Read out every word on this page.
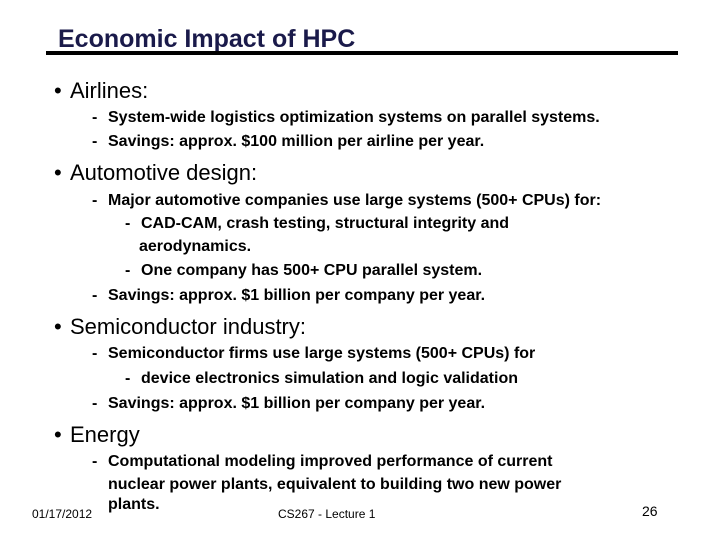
Economic Impact of HPC
• Airlines:
- System-wide logistics optimization systems on parallel systems.
- Savings: approx. $100 million per airline per year.
• Automotive design:
- Major automotive companies use large systems (500+ CPUs) for:
- CAD-CAM, crash testing, structural integrity and
aerodynamics.
- One company has 500+ CPU parallel system.
- Savings: approx. $1 billion per company per year.
• Semiconductor industry:
- Semiconductor firms use large systems (500+ CPUs) for
- device electronics simulation and logic validation
- Savings: approx. $1 billion per company per year.
• Energy
- Computational modeling improved performance of current
nuclear power plants, equivalent to building two new power
plants.
01/17/2012	CS267 - Lecture 1	26
